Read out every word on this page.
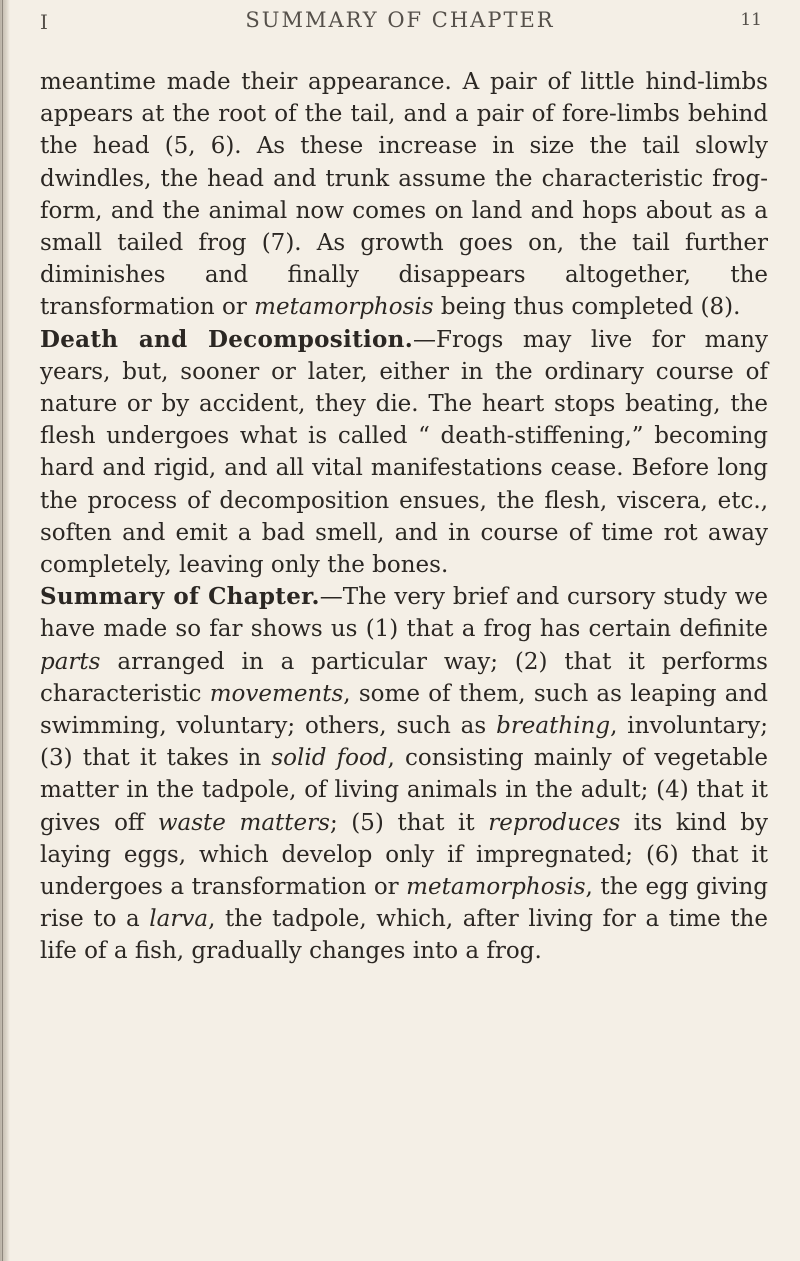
I	SUMMARY OF CHAPTER	11

meantime made their appearance. A pair of little hind-limbs appears at the root of the tail, and a pair of fore-limbs behind the head (5, 6). As these increase in size the tail slowly dwindles, the head and trunk assume the characteristic frog-form, and the animal now comes on land and hops about as a small tailed frog (7). As growth goes on, the tail further diminishes and finally disappears altogether, the transformation or metamorphosis being thus completed (8).

Death and Decomposition.—Frogs may live for many years, but, sooner or later, either in the ordinary course of nature or by accident, they die. The heart stops beating, the flesh undergoes what is called “ death-stiffening,” becoming hard and rigid, and all vital manifestations cease. Before long the process of decomposition ensues, the flesh, viscera, etc., soften and emit a bad smell, and in course of time rot away completely, leaving only the bones.

Summary of Chapter.—The very brief and cursory study we have made so far shows us (1) that a frog has certain definite parts arranged in a particular way; (2) that it performs characteristic movements, some of them, such as leaping and swimming, voluntary; others, such as breathing, involuntary; (3) that it takes in solid food, consisting mainly of vegetable matter in the tadpole, of living animals in the adult; (4) that it gives off waste matters; (5) that it reproduces its kind by laying eggs, which develop only if impregnated; (6) that it undergoes a transformation or metamorphosis, the egg giving rise to a larva, the tadpole, which, after living for a time the life of a fish, gradually changes into a frog.
